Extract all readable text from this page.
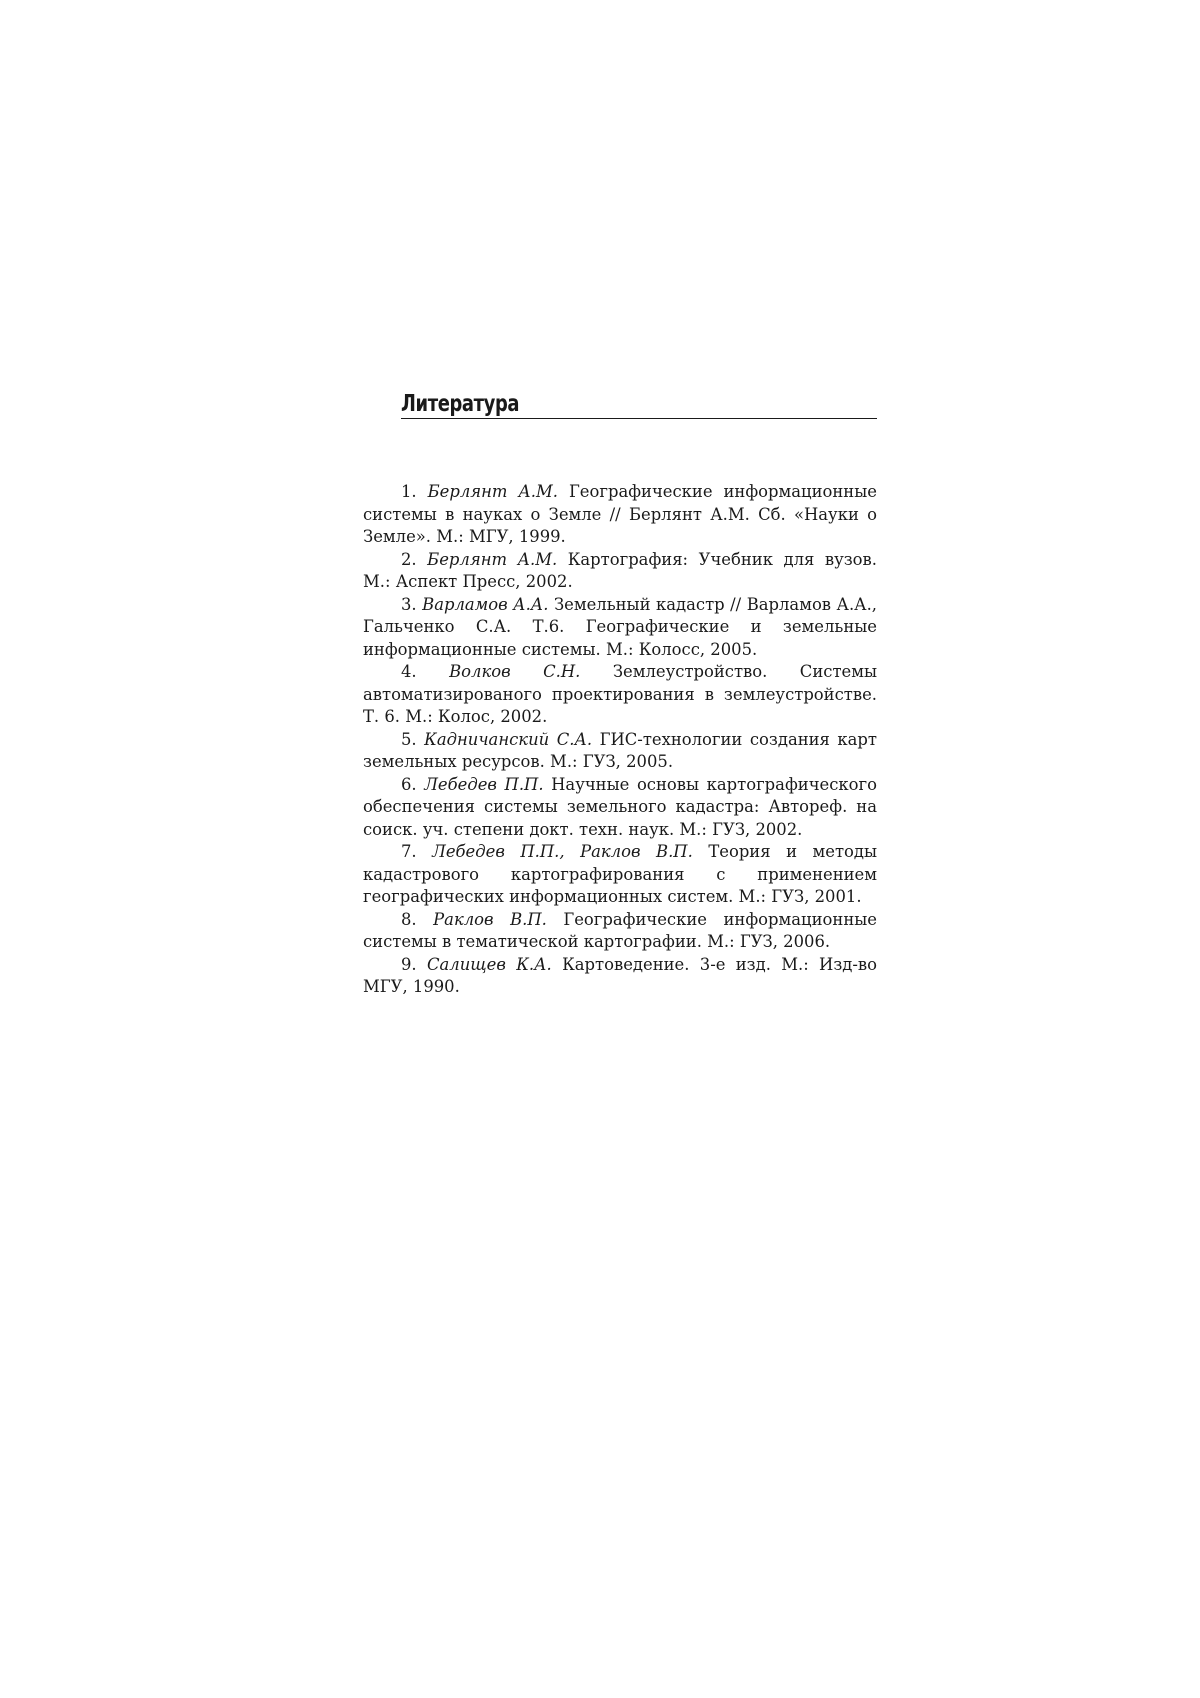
Литература

1. Берлянт А.М. Географические информационные системы в науках о Земле // Берлянт А.М. Сб. «Науки о Земле». М.: МГУ, 1999.

2. Берлянт А.М. Картография: Учебник для вузов. М.: Аспект Пресс, 2002.

3. Варламов А.А. Земельный кадастр // Варламов А.А., Гальченко С.А. Т.6. Географические и земельные информационные системы. М.: Колосс, 2005.

4. Волков С.Н. Землеустройство. Системы автоматизированого проектирования в землеустройстве. Т. 6. М.: Колос, 2002.

5. Кадничанский С.А. ГИС-технологии создания карт земельных ресурсов. М.: ГУЗ, 2005.

6. Лебедев П.П. Научные основы картографического обеспечения системы земельного кадастра: Автореф. на соиск. уч. степени докт. техн. наук. М.: ГУЗ, 2002.

7. Лебедев П.П., Раклов В.П. Теория и методы кадастрового картографирования с применением географических информационных систем. М.: ГУЗ, 2001.

8. Раклов В.П. Географические информационные системы в тематической картографии. М.: ГУЗ, 2006.

9. Салищев К.А. Картоведение. 3-е изд. М.: Изд-во МГУ, 1990.
